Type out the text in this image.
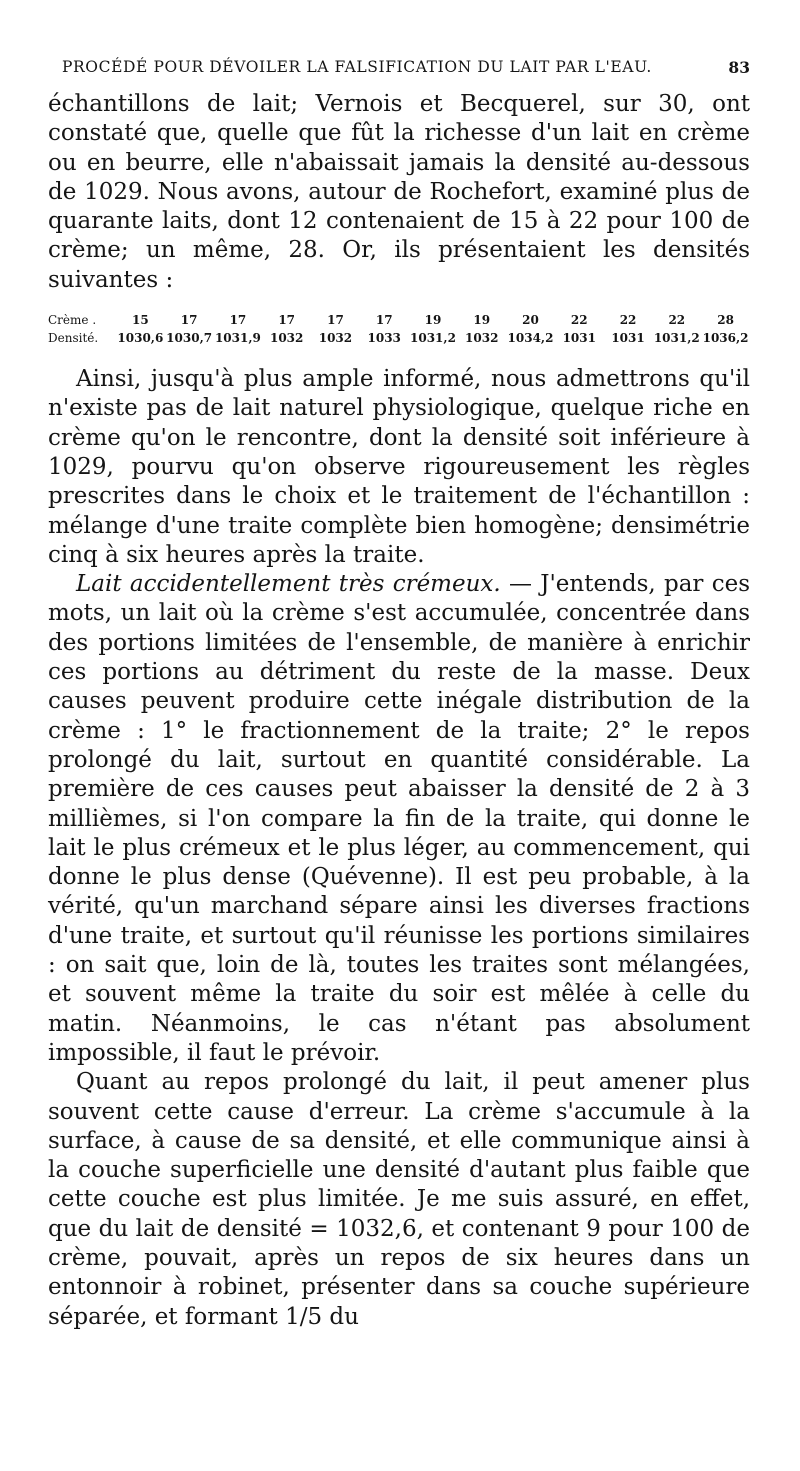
PROCÉDÉ POUR DÉVOILER LA FALSIFICATION DU LAIT PAR L'EAU.	83

échantillons de lait; Vernois et Becquerel, sur 30, ont constaté que, quelle que fût la richesse d'un lait en crème ou en beurre, elle n'abaissait jamais la densité au-dessous de 1029. Nous avons, autour de Rochefort, examiné plus de quarante laits, dont 12 contenaient de 15 à 22 pour 100 de crème; un même, 28. Or, ils présentaient les densités suivantes :

Crème .	15	17	17	17	17	17	19	19	20	22	22	22	28
Densité.	1030,6 1030,7 1031,9 1032	1032	1033 1031,2 1032 1034,2 1031	1031 1031,2 1036,2

Ainsi, jusqu'à plus ample informé, nous admettrons qu'il n'existe pas de lait naturel physiologique, quelque riche en crème qu'on le rencontre, dont la densité soit inférieure à 1029, pourvu qu'on observe rigoureusement les règles prescrites dans le choix et le traitement de l'échantillon : mélange d'une traite complète bien homogène; densimétrie cinq à six heures après la traite.

Lait accidentellement très crémeux. — J'entends, par ces mots, un lait où la crème s'est accumulée, concentrée dans des portions limitées de l'ensemble, de manière à enrichir ces portions au détriment du reste de la masse. Deux causes peuvent produire cette inégale distribution de la crème : 1° le fractionnement de la traite; 2° le repos prolongé du lait, surtout en quantité considérable. La première de ces causes peut abaisser la densité de 2 à 3 millièmes, si l'on compare la fin de la traite, qui donne le lait le plus crémeux et le plus léger, au commencement, qui donne le plus dense (Quévenne). Il est peu probable, à la vérité, qu'un marchand sépare ainsi les diverses fractions d'une traite, et surtout qu'il réunisse les portions similaires : on sait que, loin de là, toutes les traites sont mélangées, et souvent même la traite du soir est mêlée à celle du matin. Néanmoins, le cas n'étant pas absolument impossible, il faut le prévoir.

Quant au repos prolongé du lait, il peut amener plus souvent cette cause d'erreur. La crème s'accumule à la surface, à cause de sa densité, et elle communique ainsi à la couche superficielle une densité d'autant plus faible que cette couche est plus limitée. Je me suis assuré, en effet, que du lait de densité = 1032,6, et contenant 9 pour 100 de crème, pouvait, après un repos de six heures dans un entonnoir à robinet, présenter dans sa couche supérieure séparée, et formant 1/5 du
